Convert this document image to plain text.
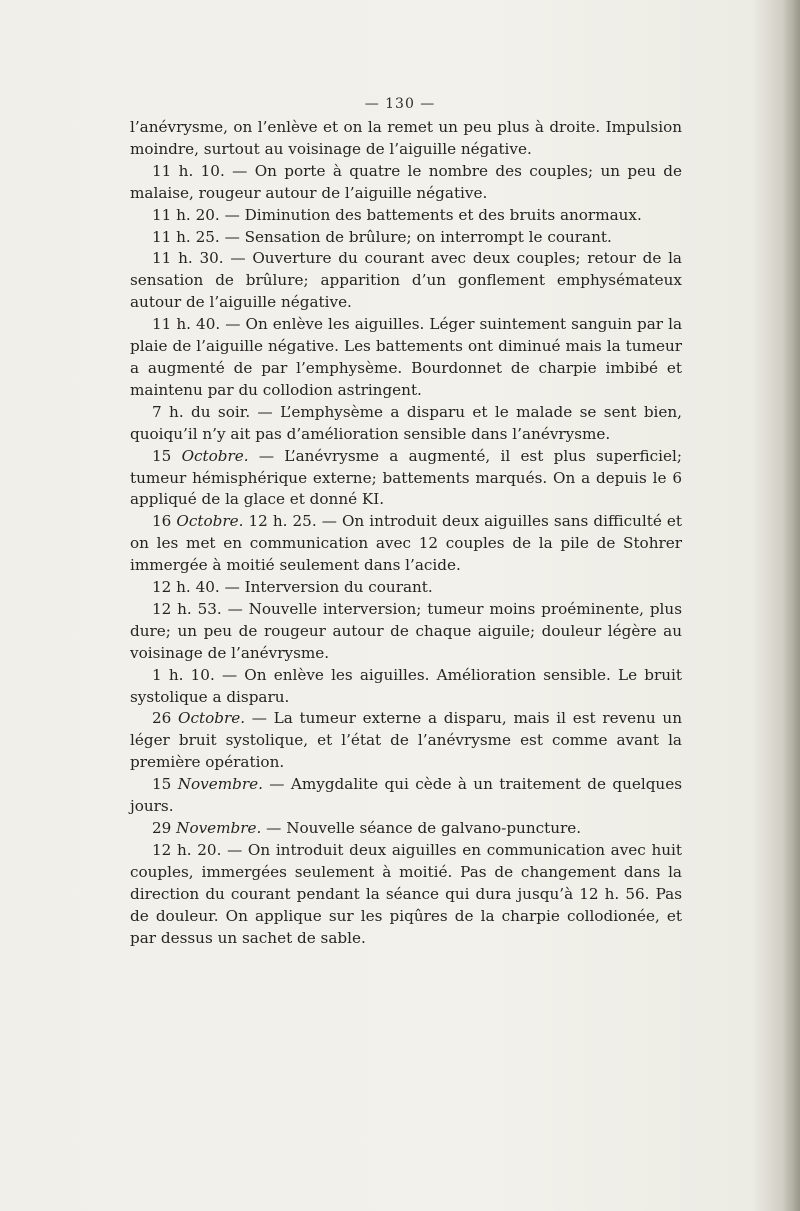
— 130 —

l’anévrysme, on l’enlève et on la remet un peu plus à droite. Impulsion moindre, surtout au voisinage de l’aiguille négative.

11 h. 10. — On porte à quatre le nombre des couples; un peu de malaise, rougeur autour de l’aiguille négative.

11 h. 20. — Diminution des battements et des bruits anormaux.

11 h. 25. — Sensation de brûlure; on interrompt le courant.

11 h. 30. — Ouverture du courant avec deux couples; retour de la sensation de brûlure; apparition d’un gonflement emphysémateux autour de l’aiguille négative.

11 h. 40. — On enlève les aiguilles. Léger suintement sanguin par la plaie de l’aiguille négative. Les battements ont diminué mais la tumeur a augmenté de par l’emphysème. Bourdonnet de charpie imbibé et maintenu par du collodion astringent.

7 h. du soir. — L’emphysème a disparu et le malade se sent bien, quoiqu’il n’y ait pas d’amélioration sensible dans l’anévrysme.

15 Octobre. — L’anévrysme a augmenté, il est plus superficiel; tumeur hémisphérique externe; battements marqués. On a depuis le 6 appliqué de la glace et donné KI.

16 Octobre. 12 h. 25. — On introduit deux aiguilles sans difficulté et on les met en communication avec 12 couples de la pile de Stohrer immergée à moitié seulement dans l’acide.

12 h. 40. — Interversion du courant.

12 h. 53. — Nouvelle interversion; tumeur moins proéminente, plus dure; un peu de rougeur autour de chaque aiguile; douleur légère au voisinage de l’anévrysme.

1 h. 10. — On enlève les aiguilles. Amélioration sensible. Le bruit systolique a disparu.

26 Octobre. — La tumeur externe a disparu, mais il est revenu un léger bruit systolique, et l’état de l’anévrysme est comme avant la première opération.

15 Novembre. — Amygdalite qui cède à un traitement de quelques jours.

29 Novembre. — Nouvelle séance de galvano-puncture.

12 h. 20. — On introduit deux aiguilles en communication avec huit couples, immergées seulement à moitié. Pas de changement dans la direction du courant pendant la séance qui dura jusqu’à 12 h. 56. Pas de douleur. On applique sur les piqûres de la charpie collodionée, et par dessus un sachet de sable.
